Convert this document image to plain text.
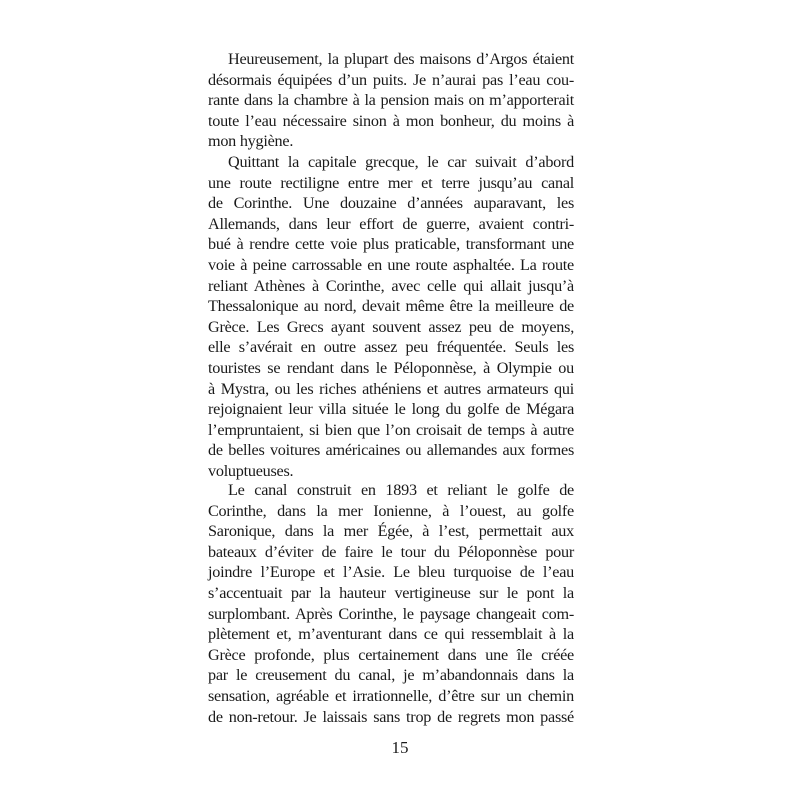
Heureusement, la plupart des maisons d’Argos étaient
désormais équipées d’un puits. Je n’aurai pas l’eau cou-
rante dans la chambre à la pension mais on m’apporterait
toute l’eau nécessaire sinon à mon bonheur, du moins à
mon hygiène.
Quittant la capitale grecque, le car suivait d’abord
une route rectiligne entre mer et terre jusqu’au canal
de Corinthe. Une douzaine d’années auparavant, les
Allemands, dans leur effort de guerre, avaient contri-
bué à rendre cette voie plus praticable, transformant une
voie à peine carrossable en une route asphaltée. La route
reliant Athènes à Corinthe, avec celle qui allait jusqu’à
Thessalonique au nord, devait même être la meilleure de
Grèce. Les Grecs ayant souvent assez peu de moyens,
elle s’avérait en outre assez peu fréquentée. Seuls les
touristes se rendant dans le Péloponnèse, à Olympie ou
à Mystra, ou les riches athéniens et autres armateurs qui
rejoignaient leur villa située le long du golfe de Mégara
l’empruntaient, si bien que l’on croisait de temps à autre
de belles voitures américaines ou allemandes aux formes
voluptueuses.
Le canal construit en 1893 et reliant le golfe de
Corinthe, dans la mer Ionienne, à l’ouest, au golfe
Saronique, dans la mer Égée, à l’est, permettait aux
bateaux d’éviter de faire le tour du Péloponnèse pour
joindre l’Europe et l’Asie. Le bleu turquoise de l’eau
s’accentuait par la hauteur vertigineuse sur le pont la
surplombant. Après Corinthe, le paysage changeait com-
plètement et, m’aventurant dans ce qui ressemblait à la
Grèce profonde, plus certainement dans une île créée
par le creusement du canal, je m’abandonnais dans la
sensation, agréable et irrationnelle, d’être sur un chemin
de non-retour. Je laissais sans trop de regrets mon passé
15
